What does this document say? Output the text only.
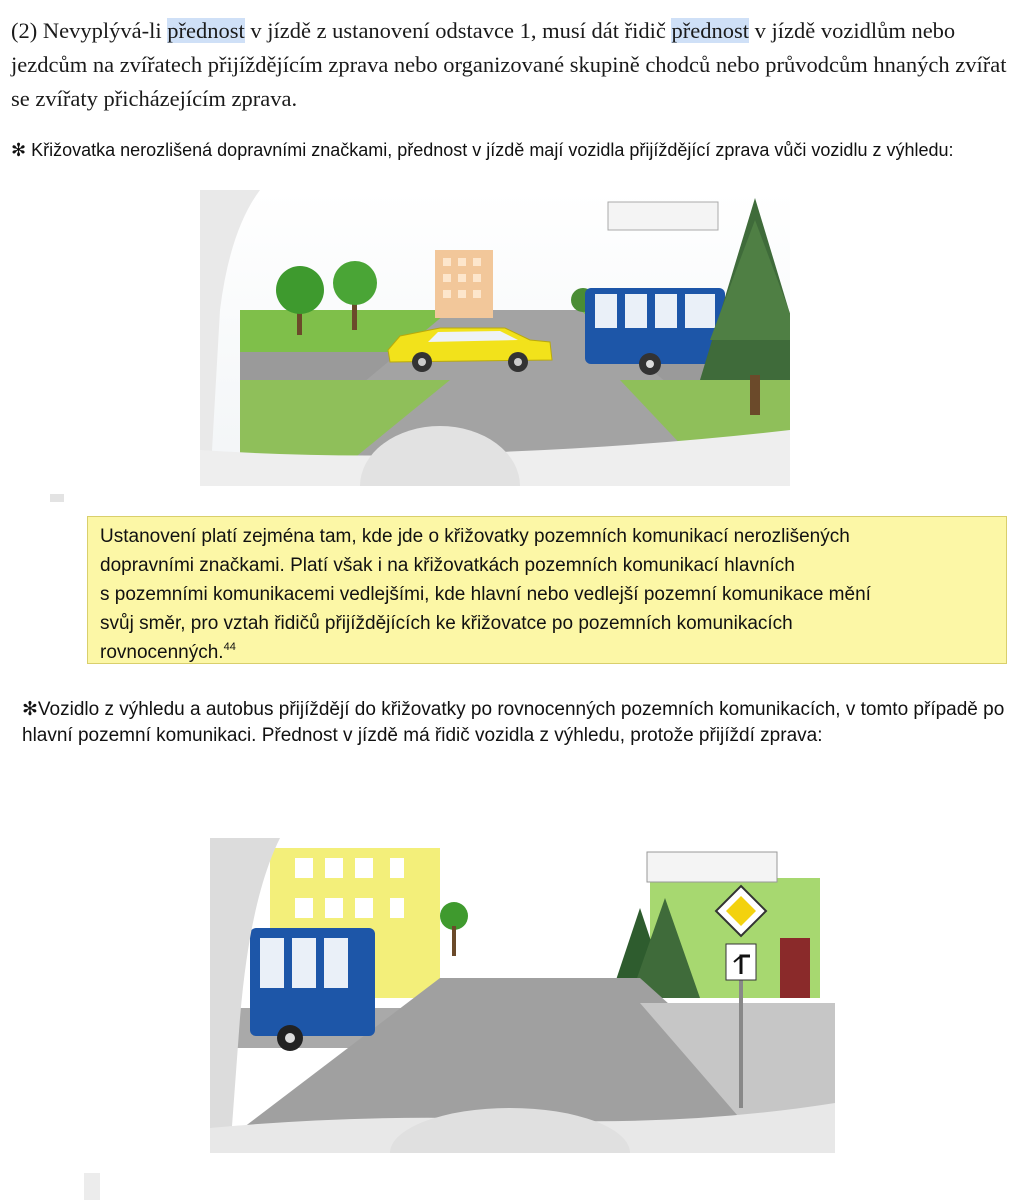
(2) Nevyplývá-li přednost v jízdě z ustanovení odstavce 1, musí dát řidič přednost v jízdě vozidlům nebo jezdcům na zvířatech přijíždějícím zprava nebo organizované skupině chodců nebo průvodcům hnaných zvířat se zvířaty přicházejícím zprava.
✻ Křižovatka nerozlišená dopravními značkami, přednost v jízdě mají vozidla přijíždějící zprava vůči vozidlu z výhledu:
Ustanovení platí zejména tam, kde jde o křižovatky pozemních komunikací nerozlišených
dopravními značkami. Platí však i na křižovatkách pozemních komunikací hlavních
s pozemními komunikacemi vedlejšími, kde hlavní nebo vedlejší pozemní komunikace mění
svůj směr, pro vztah řidičů přijíždějících ke křižovatce po pozemních komunikacích
rovnocenných.$^{44}$
✻Vozidlo z výhledu a autobus přijíždějí do křižovatky po rovnocenných pozemních komunikacích, v tomto případě po hlavní pozemní komunikaci. Přednost v jízdě má řidič vozidla z výhledu, protože přijíždí zprava:
